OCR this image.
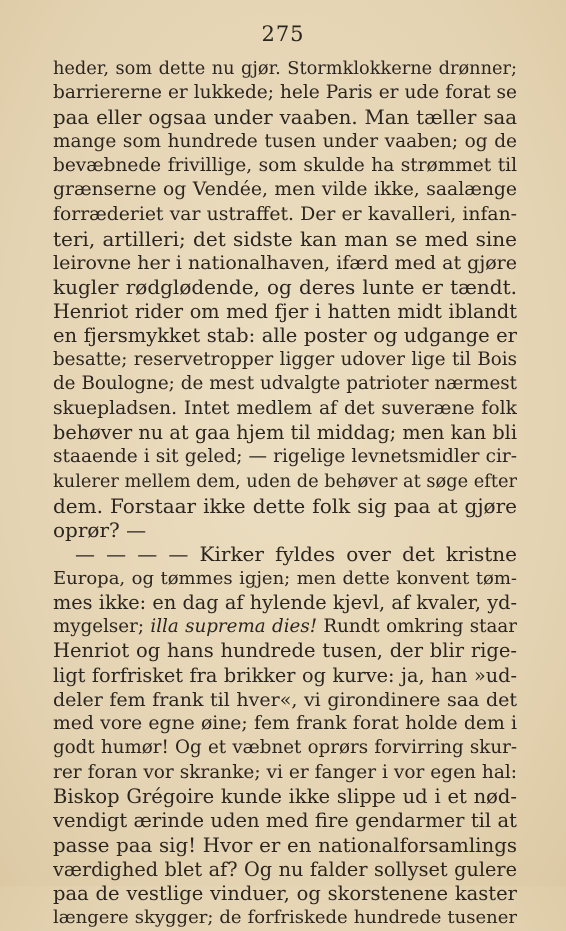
275
heder, som dette nu gjør. Stormklokkerne drønner;
barriererne er lukkede; hele Paris er ude forat se
paa eller ogsaa under vaaben. Man tæller saa
mange som hundrede tusen under vaaben; og de
bevæbnede frivillige, som skulde ha strømmet til
grænserne og Vendée, men vilde ikke, saalænge
forræderiet var ustraffet. Der er kavalleri, infan-
teri, artilleri; det sidste kan man se med sine
leirovne her i nationalhaven, ifærd med at gjøre
kugler rødglødende, og deres lunte er tændt.
Henriot rider om med fjer i hatten midt iblandt
en fjersmykket stab: alle poster og udgange er
besatte; reservetropper ligger udover lige til Bois
de Boulogne; de mest udvalgte patrioter nærmest
skuepladsen. Intet medlem af det suveræne folk
behøver nu at gaa hjem til middag; men kan bli
staaende i sit geled; — rigelige levnetsmidler cir-
kulerer mellem dem, uden de behøver at søge efter
dem. Forstaar ikke dette folk sig paa at gjøre
oprør? —
— — — — Kirker fyldes over det kristne
Europa, og tømmes igjen; men dette konvent tøm-
mes ikke: en dag af hylende kjevl, af kvaler, yd-
mygelser; illa suprema dies! Rundt omkring staar
Henriot og hans hundrede tusen, der blir rige-
ligt forfrisket fra brikker og kurve: ja, han »ud-
deler fem frank til hver«, vi girondinere saa det
med vore egne øine; fem frank forat holde dem i
godt humør! Og et væbnet oprørs forvirring skur-
rer foran vor skranke; vi er fanger i vor egen hal:
Biskop Grégoire kunde ikke slippe ud i et nød-
vendigt ærinde uden med fire gendarmer til at
passe paa sig! Hvor er en nationalforsamlings
værdighed blet af? Og nu falder sollyset gulere
paa de vestlige vinduer, og skorstenene kaster
længere skygger; de forfriskede hundrede tusener
